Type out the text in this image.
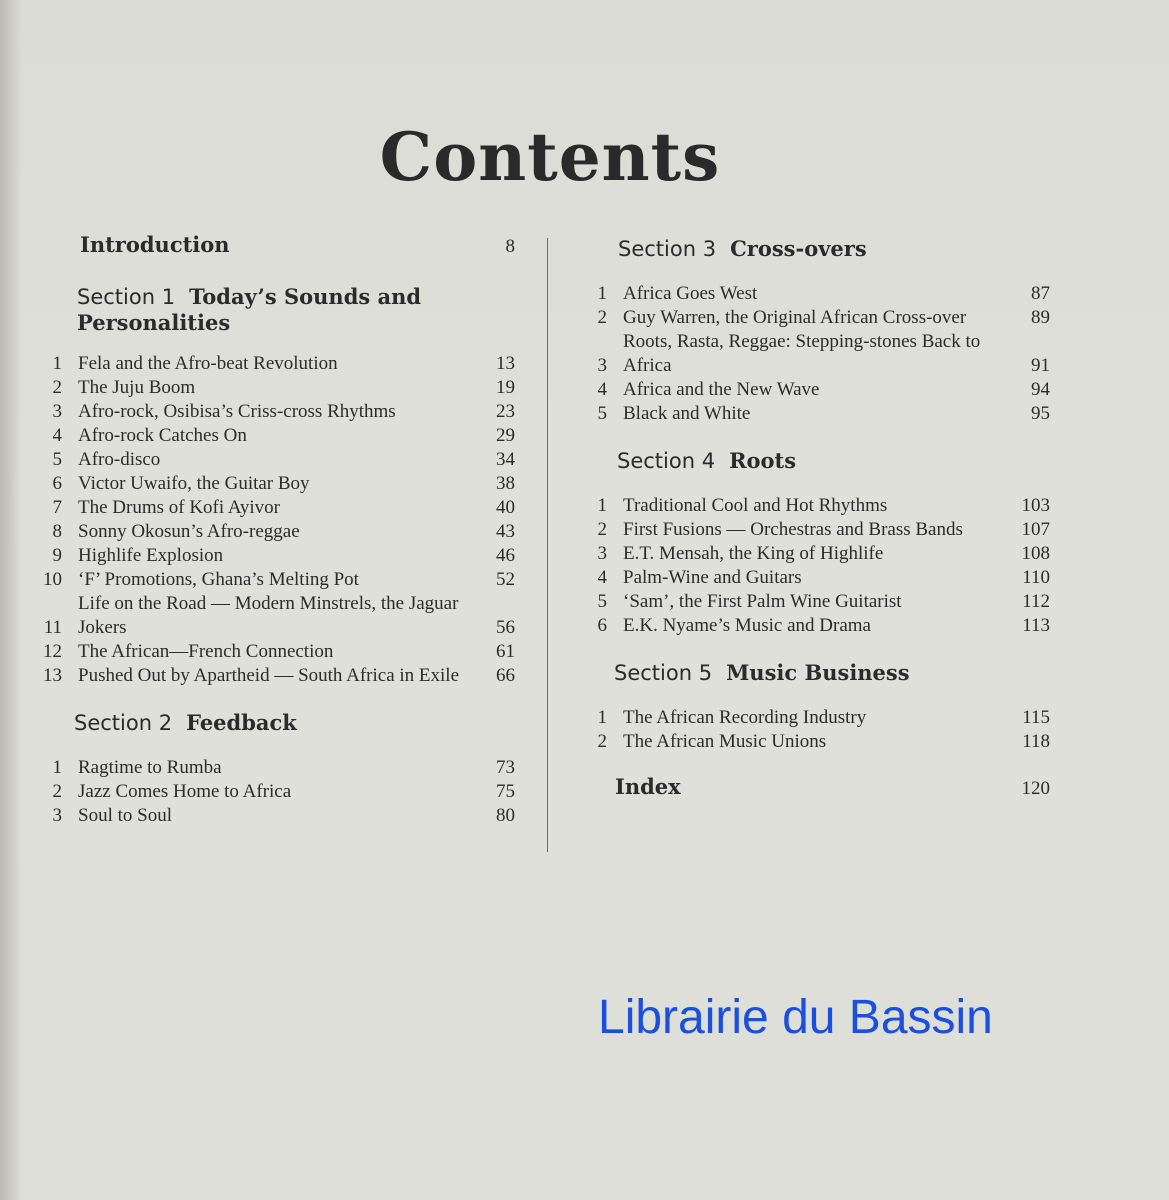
Contents
Introduction	8
Section 1 Today’s Sounds and Personalities
1 Fela and the Afro-beat Revolution	13
2 The Juju Boom	19
3 Afro-rock, Osibisa’s Criss-cross Rhythms	23
4 Afro-rock Catches On	29
5 Afro-disco	34
6 Victor Uwaifo, the Guitar Boy	38
7 The Drums of Kofi Ayivor	40
8 Sonny Okosun’s Afro-reggae	43
9 Highlife Explosion	46
10 ‘F’ Promotions, Ghana’s Melting Pot	52
11
Life on the Road — Modern Minstrels, the Jaguar Jokers	56
12 The African—French Connection	61
13 Pushed Out by Apartheid — South Africa in Exile	66
Section 2 Feedback
1 Ragtime to Rumba	73
2 Jazz Comes Home to Africa	75
3 Soul to Soul	80
Section 3 Cross-overs
1 Africa Goes West	87
2 Guy Warren, the Original African Cross-over	89
3
Roots, Rasta, Reggae: Stepping-stones Back to Africa	91
4 Africa and the New Wave	94
5 Black and White	95
Section 4 Roots
1 Traditional Cool and Hot Rhythms	103
2 First Fusions — Orchestras and Brass Bands	107
3 E.T. Mensah, the King of Highlife	108
4 Palm-Wine and Guitars	110
5 ‘Sam’, the First Palm Wine Guitarist	112
6 E.K. Nyame’s Music and Drama	113
Section 5 Music Business
1 The African Recording Industry	115
2 The African Music Unions	118
Index	120
Librairie du Bassin
